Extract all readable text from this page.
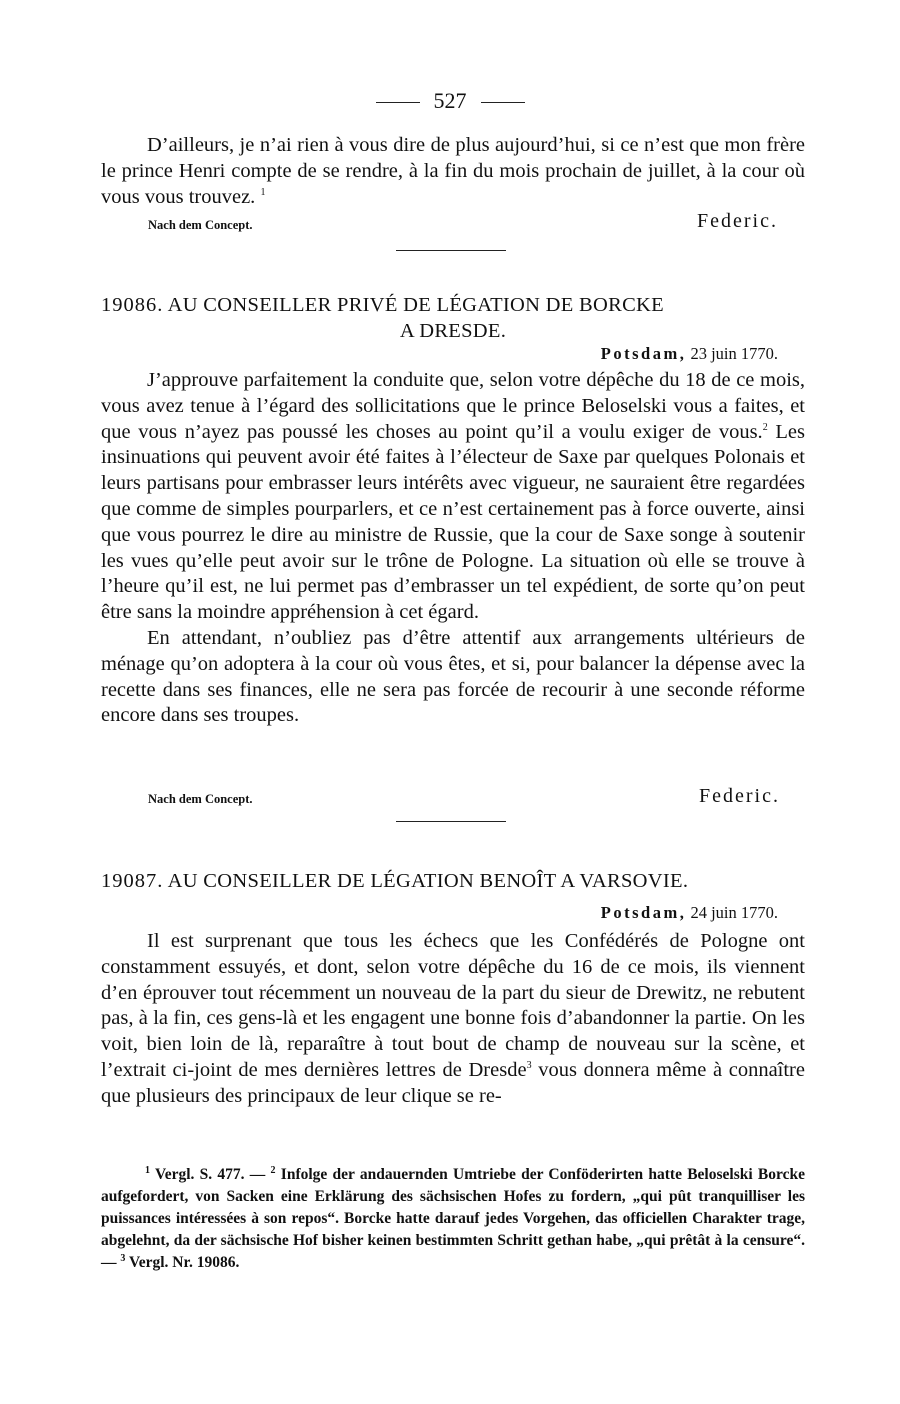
527

D’ailleurs, je n’ai rien à vous dire de plus aujourd’hui, si ce n’est que mon frère le prince Henri compte de se rendre, à la fin du mois prochain de juillet, à la cour où vous vous trouvez. $^1$

Nach dem Concept.	Federic.
19086. AU CONSEILLER PRIVÉ DE LÉGATION DE BORCKE
A DRESDE.
Potsdam, 23 juin 1770.

J’approuve parfaitement la conduite que, selon votre dépêche du 18 de ce mois, vous avez tenue à l’égard des sollicitations que le prince Beloselski vous a faites, et que vous n’ayez pas poussé les choses au point qu’il a voulu exiger de vous.$^2$ Les insinuations qui peuvent avoir été faites à l’électeur de Saxe par quelques Polonais et leurs partisans pour embrasser leurs intérêts avec vigueur, ne sauraient être regardées que comme de simples pourparlers, et ce n’est certainement pas à force ouverte, ainsi que vous pourrez le dire au ministre de Russie, que la cour de Saxe songe à soutenir les vues qu’elle peut avoir sur le trône de Pologne. La situation où elle se trouve à l’heure qu’il est, ne lui permet pas d’embrasser un tel expédient, de sorte qu’on peut être sans la moindre appréhension à cet égard.

En attendant, n’oubliez pas d’être attentif aux arrangements ultérieurs de ménage qu’on adoptera à la cour où vous êtes, et si, pour balancer la dépense avec la recette dans ses finances, elle ne sera pas forcée de recourir à une seconde réforme encore dans ses troupes.

Nach dem Concept.	Federic.
19087. AU CONSEILLER DE LÉGATION BENOÎT A VARSOVIE.
Potsdam, 24 juin 1770.

Il est surprenant que tous les échecs que les Confédérés de Pologne ont constamment essuyés, et dont, selon votre dépêche du 16 de ce mois, ils viennent d’en éprouver tout récemment un nouveau de la part du sieur de Drewitz, ne rebutent pas, à la fin, ces gens-là et les engagent une bonne fois d’abandonner la partie. On les voit, bien loin de là, reparaître à tout bout de champ de nouveau sur la scène, et l’extrait ci-joint de mes dernières lettres de Dresde$^3$ vous donnera même à connaître que plusieurs des principaux de leur clique se re-

$^1$ Vergl. S. 477. — $^2$ Infolge der andauernden Umtriebe der Conföderirten hatte Beloselski Borcke aufgefordert, von Sacken eine Erklärung des sächsischen Hofes zu fordern, „qui pût tranquilliser les puissances intéressées à son repos“. Borcke hatte darauf jedes Vorgehen, das officiellen Charakter trage, abgelehnt, da der sächsische Hof bisher keinen bestimmten Schritt gethan habe, „qui prêtât à la censure“. — $^3$ Vergl. Nr. 19086.
